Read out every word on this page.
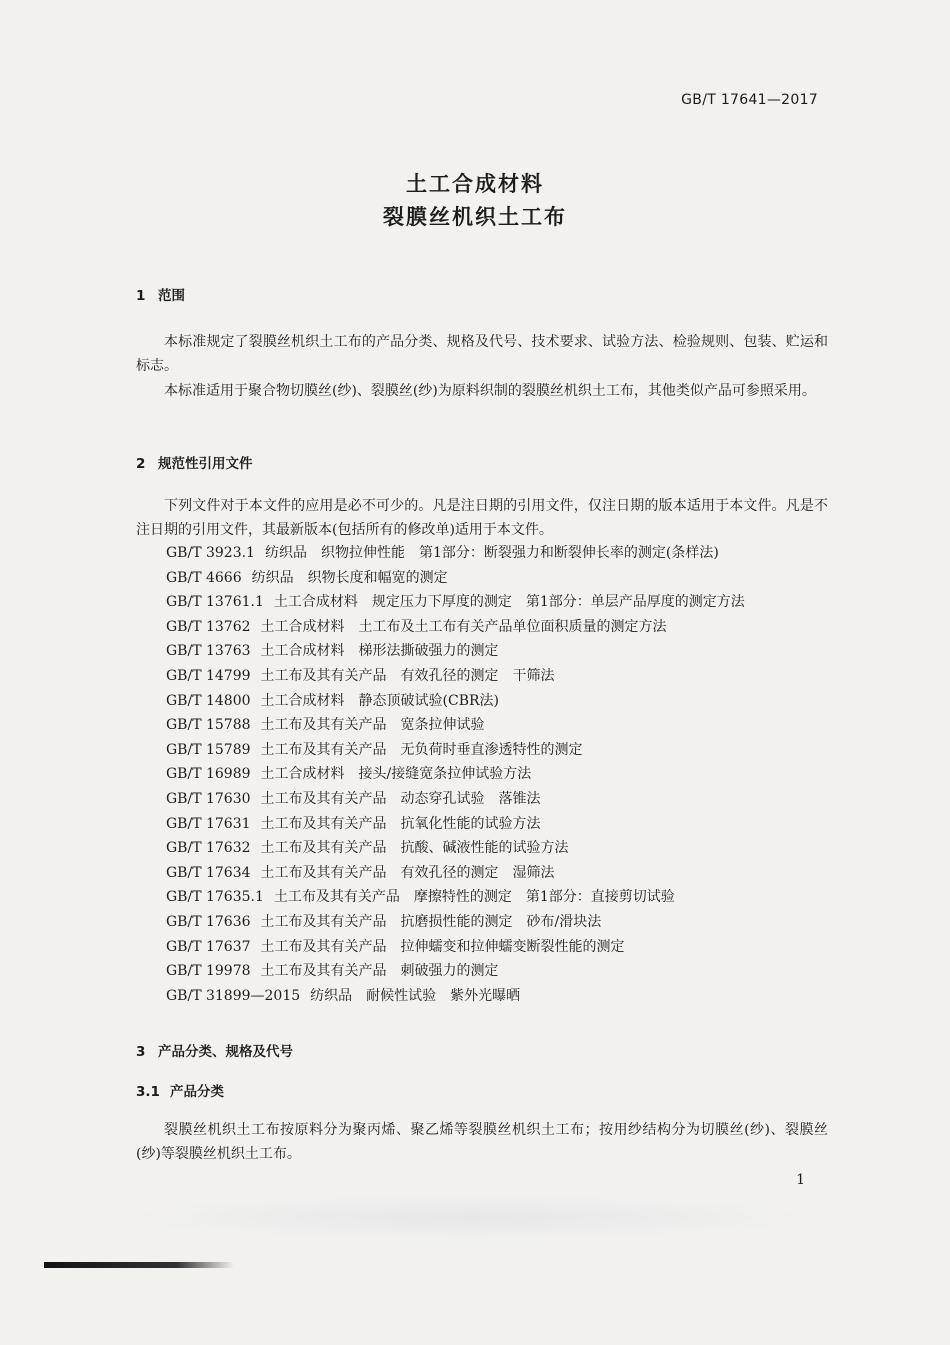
GB/T 17641—2017
土工合成材料
裂膜丝机织土工布
1 范围
本标准规定了裂膜丝机织土工布的产品分类、规格及代号、技术要求、试验方法、检验规则、包装、贮运和标志。
本标准适用于聚合物切膜丝(纱)、裂膜丝(纱)为原料织制的裂膜丝机织土工布，其他类似产品可参照采用。
2 规范性引用文件
下列文件对于本文件的应用是必不可少的。凡是注日期的引用文件，仅注日期的版本适用于本文件。凡是不注日期的引用文件，其最新版本(包括所有的修改单)适用于本文件。
GB/T 3923.1 纺织品　织物拉伸性能　第1部分：断裂强力和断裂伸长率的测定(条样法)
GB/T 4666 纺织品　织物长度和幅宽的测定
GB/T 13761.1 土工合成材料　规定压力下厚度的测定　第1部分：单层产品厚度的测定方法
GB/T 13762 土工合成材料　土工布及土工布有关产品单位面积质量的测定方法
GB/T 13763 土工合成材料　梯形法撕破强力的测定
GB/T 14799 土工布及其有关产品　有效孔径的测定　干筛法
GB/T 14800 土工合成材料　静态顶破试验(CBR法)
GB/T 15788 土工布及其有关产品　宽条拉伸试验
GB/T 15789 土工布及其有关产品　无负荷时垂直渗透特性的测定
GB/T 16989 土工合成材料　接头/接缝宽条拉伸试验方法
GB/T 17630 土工布及其有关产品　动态穿孔试验　落锥法
GB/T 17631 土工布及其有关产品　抗氧化性能的试验方法
GB/T 17632 土工布及其有关产品　抗酸、碱液性能的试验方法
GB/T 17634 土工布及其有关产品　有效孔径的测定　湿筛法
GB/T 17635.1 土工布及其有关产品　摩擦特性的测定　第1部分：直接剪切试验
GB/T 17636 土工布及其有关产品　抗磨损性能的测定　砂布/滑块法
GB/T 17637 土工布及其有关产品　拉伸蠕变和拉伸蠕变断裂性能的测定
GB/T 19978 土工布及其有关产品　刺破强力的测定
GB/T 31899—2015 纺织品　耐候性试验　紫外光曝晒
3 产品分类、规格及代号
3.1 产品分类
裂膜丝机织土工布按原料分为聚丙烯、聚乙烯等裂膜丝机织土工布；按用纱结构分为切膜丝(纱)、裂膜丝(纱)等裂膜丝机织土工布。
1
